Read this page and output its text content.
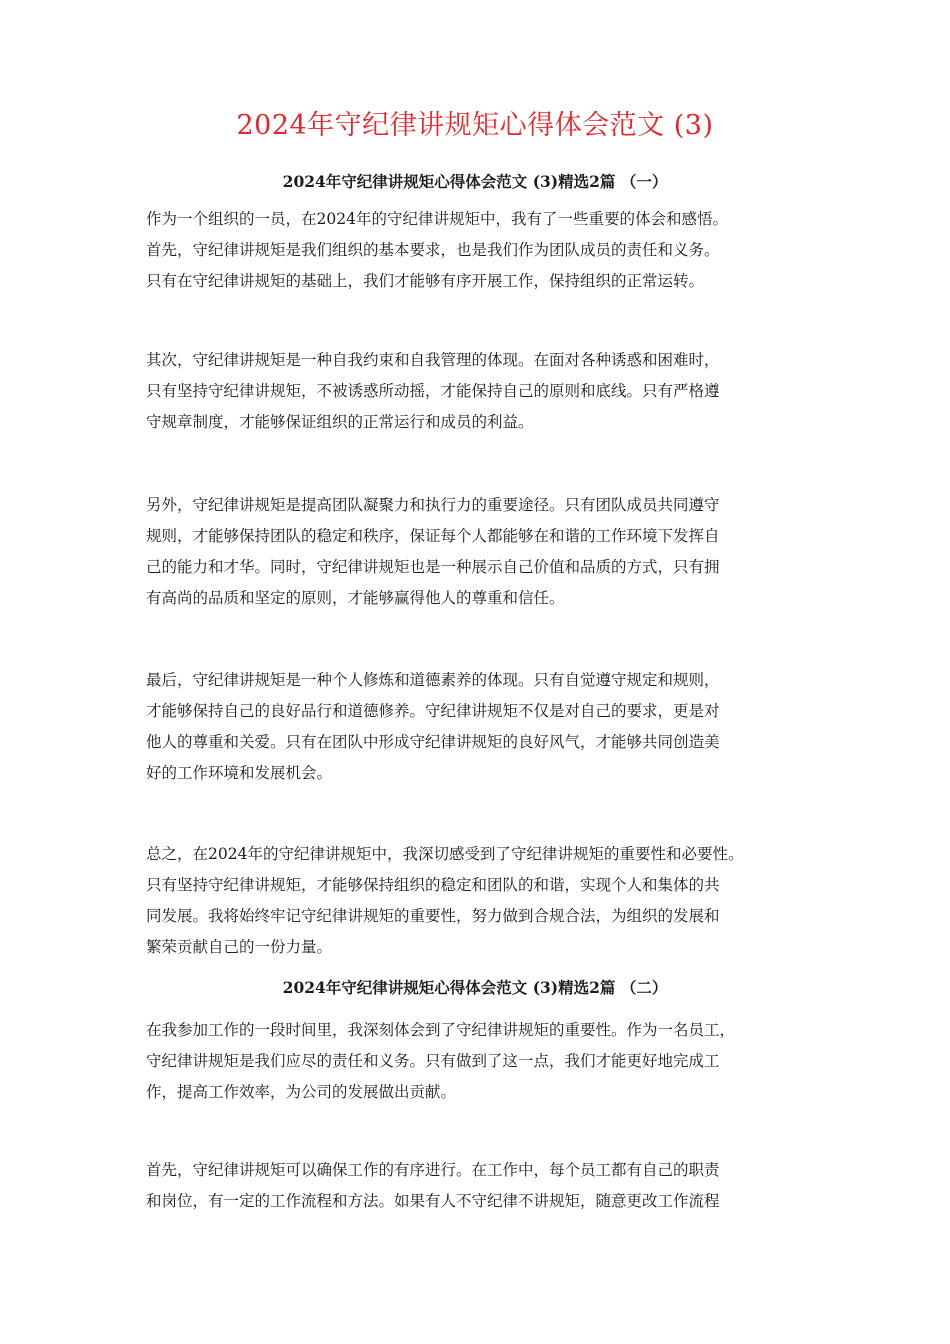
2024年守纪律讲规矩心得体会范文 (3)
2024年守纪律讲规矩心得体会范文 (3)精选2篇 （一）
作为一个组织的一员，在2024年的守纪律讲规矩中，我有了一些重要的体会和感悟。
首先，守纪律讲规矩是我们组织的基本要求，也是我们作为团队成员的责任和义务。
只有在守纪律讲规矩的基础上，我们才能够有序开展工作，保持组织的正常运转。
其次，守纪律讲规矩是一种自我约束和自我管理的体现。在面对各种诱惑和困难时，
只有坚持守纪律讲规矩，不被诱惑所动摇，才能保持自己的原则和底线。只有严格遵
守规章制度，才能够保证组织的正常运行和成员的利益。
另外，守纪律讲规矩是提高团队凝聚力和执行力的重要途径。只有团队成员共同遵守
规则，才能够保持团队的稳定和秩序，保证每个人都能够在和谐的工作环境下发挥自
己的能力和才华。同时，守纪律讲规矩也是一种展示自己价值和品质的方式，只有拥
有高尚的品质和坚定的原则，才能够赢得他人的尊重和信任。
最后，守纪律讲规矩是一种个人修炼和道德素养的体现。只有自觉遵守规定和规则，
才能够保持自己的良好品行和道德修养。守纪律讲规矩不仅是对自己的要求，更是对
他人的尊重和关爱。只有在团队中形成守纪律讲规矩的良好风气，才能够共同创造美
好的工作环境和发展机会。
总之，在2024年的守纪律讲规矩中，我深切感受到了守纪律讲规矩的重要性和必要性。
只有坚持守纪律讲规矩，才能够保持组织的稳定和团队的和谐，实现个人和集体的共
同发展。我将始终牢记守纪律讲规矩的重要性，努力做到合规合法，为组织的发展和
繁荣贡献自己的一份力量。
2024年守纪律讲规矩心得体会范文 (3)精选2篇 （二）
在我参加工作的一段时间里，我深刻体会到了守纪律讲规矩的重要性。作为一名员工，
守纪律讲规矩是我们应尽的责任和义务。只有做到了这一点，我们才能更好地完成工
作，提高工作效率，为公司的发展做出贡献。
首先，守纪律讲规矩可以确保工作的有序进行。在工作中，每个员工都有自己的职责
和岗位，有一定的工作流程和方法。如果有人不守纪律不讲规矩，随意更改工作流程
